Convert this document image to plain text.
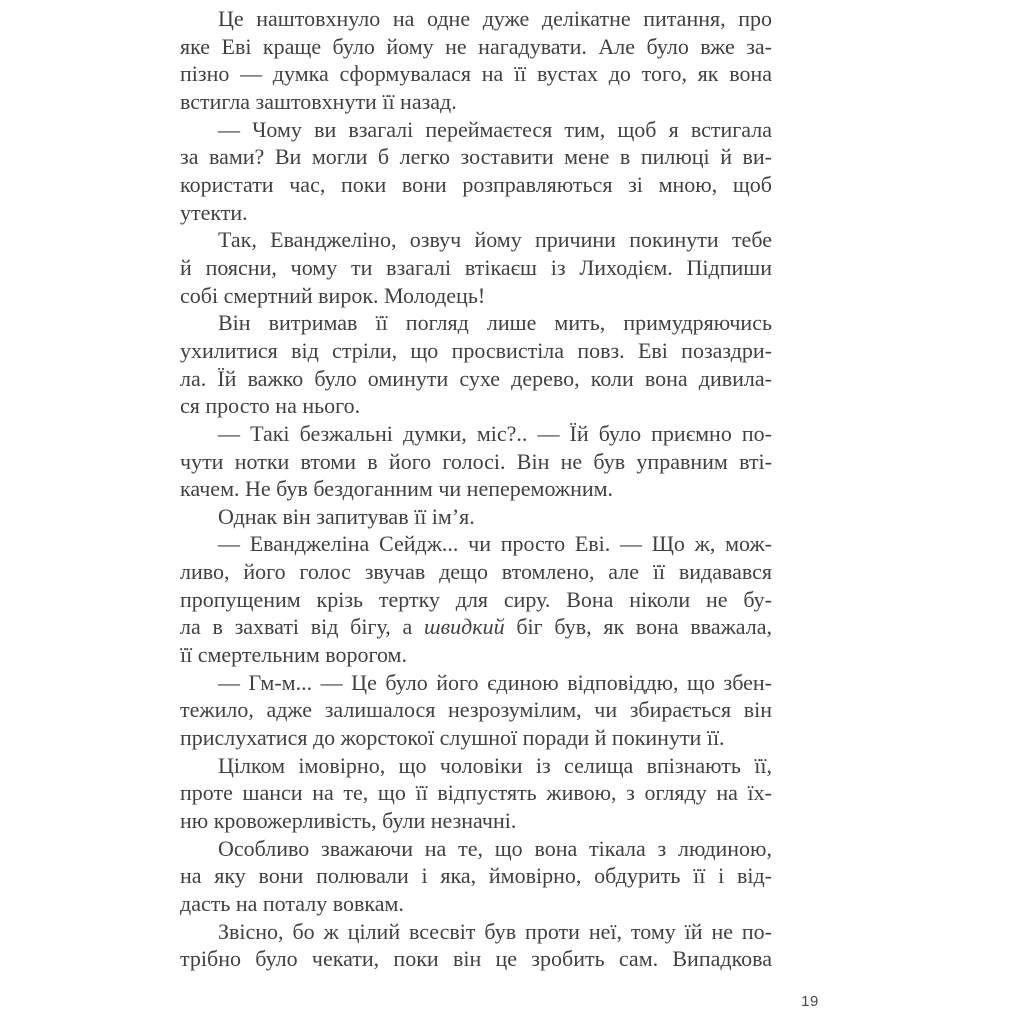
Це наштовхнуло на одне дуже делікатне питання, про
яке Еві краще було йому не нагадувати. Але було вже за-
пізно — думка сформувалася на її вустах до того, як вона
встигла заштовхнути її назад.
— Чому ви взагалі переймаєтеся тим, щоб я встигала
за вами? Ви могли б легко зоставити мене в пилюці й ви-
користати час, поки вони розправляються зі мною, щоб
утекти.
Так, Еванджеліно, озвуч йому причини покинути тебе
й поясни, чому ти взагалі втікаєш із Лиходієм. Підпиши
собі смертний вирок. Молодець!
Він витримав її погляд лише мить, примудряючись
ухилитися від стріли, що просвистіла повз. Еві позаздри-
ла. Їй важко було оминути сухе дерево, коли вона дивила-
ся просто на нього.
— Такі безжальні думки, міс?.. — Їй було приємно по-
чути нотки втоми в його голосі. Він не був управним вті-
качем. Не був бездоганним чи непереможним.
Однак він запитував її ім’я.
— Еванджеліна Сейдж... чи просто Еві. — Що ж, мож-
ливо, його голос звучав дещо втомлено, але її видавався
пропущеним крізь тертку для сиру. Вона ніколи не бу-
ла в захваті від бігу, а швидкий біг був, як вона вважала,
її смертельним ворогом.
— Гм-м... — Це було його єдиною відповіддю, що збен-
тежило, адже залишалося незрозумілим, чи збирається він
прислухатися до жорстокої слушної поради й покинути її.
Цілком імовірно, що чоловіки із селища впізнають її,
проте шанси на те, що її відпустять живою, з огляду на їх-
ню кровожерливість, були незначні.
Особливо зважаючи на те, що вона тікала з людиною,
на яку вони полювали і яка, ймовірно, обдурить її і від-
дасть на поталу вовкам.
Звісно, бо ж цілий всесвіт був проти неї, тому їй не по-
трібно було чекати, поки він це зробить сам. Випадкова
19
